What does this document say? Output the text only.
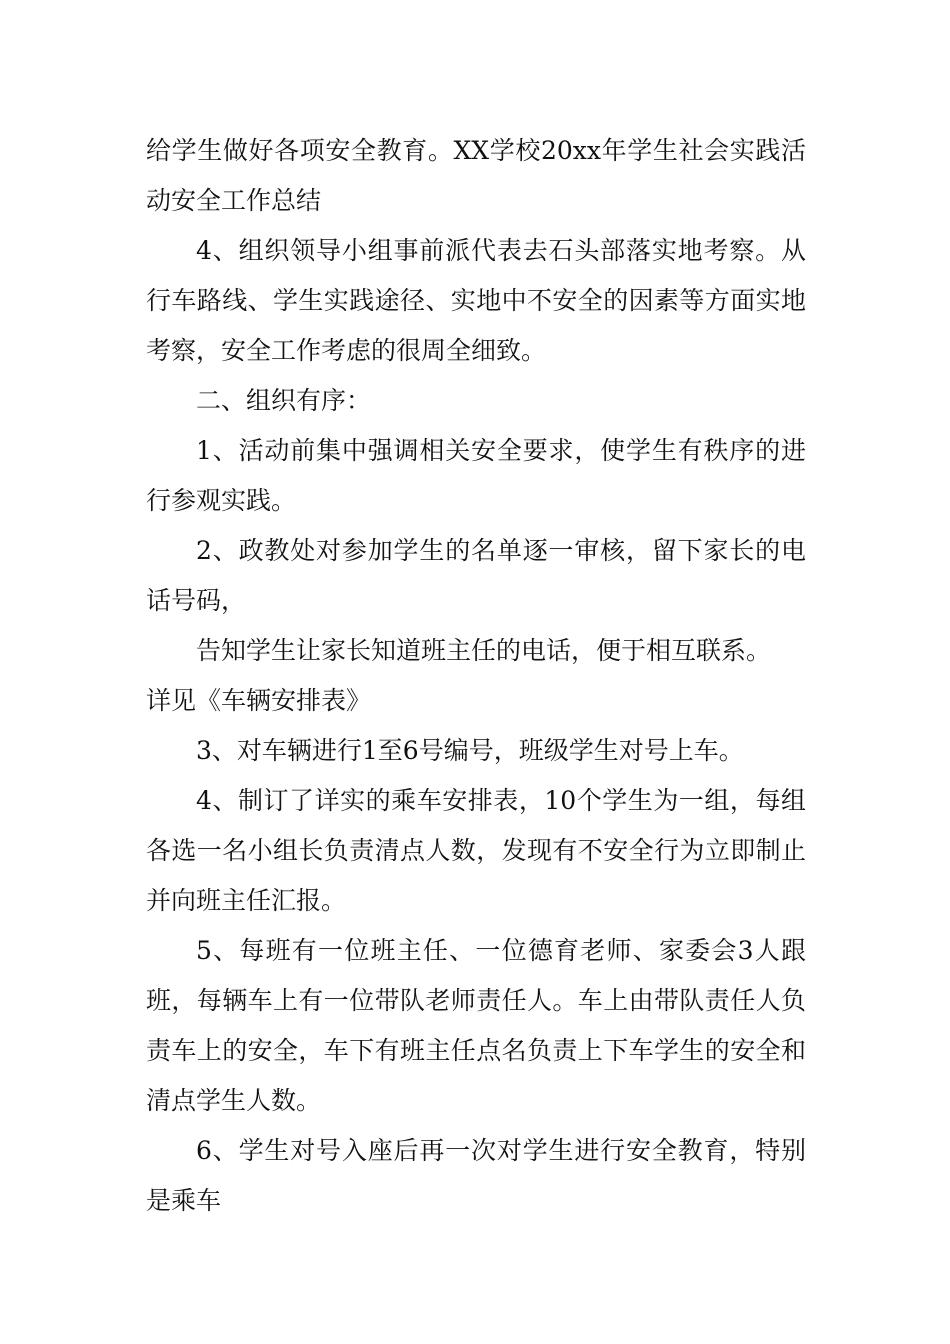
给学生做好各项安全教育。XX学校20xx年学生社会实践活动安全工作总结

4、组织领导小组事前派代表去石头部落实地考察。从行车路线、学生实践途径、实地中不安全的因素等方面实地考察，安全工作考虑的很周全细致。

二、组织有序：

1、活动前集中强调相关安全要求，使学生有秩序的进行参观实践。

2、政教处对参加学生的名单逐一审核，留下家长的电话号码，

告知学生让家长知道班主任的电话，便于相互联系。

详见《车辆安排表》

3、对车辆进行1至6号编号，班级学生对号上车。

4、制订了详实的乘车安排表，10个学生为一组，每组各选一名小组长负责清点人数，发现有不安全行为立即制止并向班主任汇报。

5、每班有一位班主任、一位德育老师、家委会3人跟班，每辆车上有一位带队老师责任人。车上由带队责任人负责车上的安全，车下有班主任点名负责上下车学生的安全和清点学生人数。

6、学生对号入座后再一次对学生进行安全教育，特别是乘车
